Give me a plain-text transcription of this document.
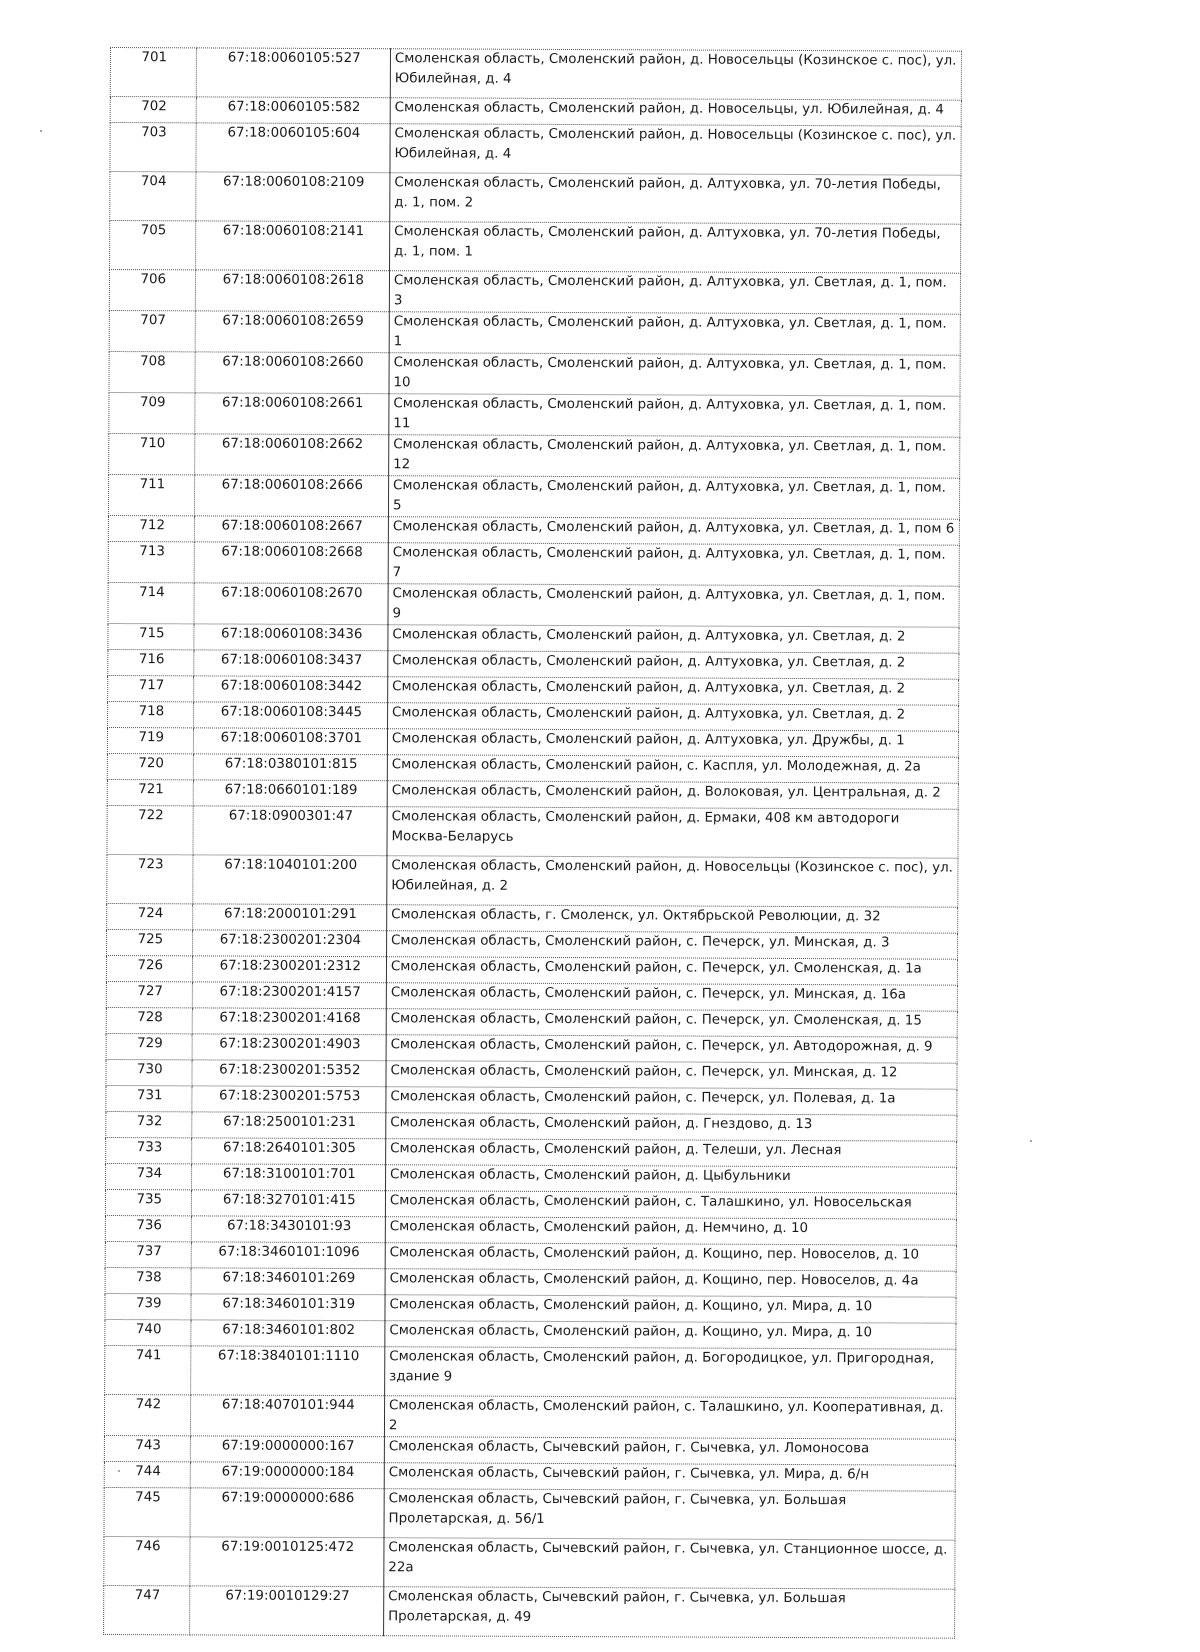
701	67:18:0060105:527	Смоленская область, Смоленский район, д. Новосельцы (Козинское с. пос), ул. Юбилейная, д. 4
702	67:18:0060105:582	Смоленская область, Смоленский район, д. Новосельцы, ул. Юбилейная, д. 4
703	67:18:0060105:604	Смоленская область, Смоленский район, д. Новосельцы (Козинское с. пос), ул. Юбилейная, д. 4
704	67:18:0060108:2109	Смоленская область, Смоленский район, д. Алтуховка, ул. 70-летия Победы, д. 1, пом. 2
705	67:18:0060108:2141	Смоленская область, Смоленский район, д. Алтуховка, ул. 70-летия Победы, д. 1, пом. 1
706	67:18:0060108:2618	Смоленская область, Смоленский район, д. Алтуховка, ул. Светлая, д. 1, пом. 3
707	67:18:0060108:2659	Смоленская область, Смоленский район, д. Алтуховка, ул. Светлая, д. 1, пом. 1
708	67:18:0060108:2660	Смоленская область, Смоленский район, д. Алтуховка, ул. Светлая, д. 1, пом. 10
709	67:18:0060108:2661	Смоленская область, Смоленский район, д. Алтуховка, ул. Светлая, д. 1, пом. 11
710	67:18:0060108:2662	Смоленская область, Смоленский район, д. Алтуховка, ул. Светлая, д. 1, пом. 12
711	67:18:0060108:2666	Смоленская область, Смоленский район, д. Алтуховка, ул. Светлая, д. 1, пом. 5
712	67:18:0060108:2667	Смоленская область, Смоленский район, д. Алтуховка, ул. Светлая, д. 1, пом 6
713	67:18:0060108:2668	Смоленская область, Смоленский район, д. Алтуховка, ул. Светлая, д. 1, пом. 7
714	67:18:0060108:2670	Смоленская область, Смоленский район, д. Алтуховка, ул. Светлая, д. 1, пом. 9
715	67:18:0060108:3436	Смоленская область, Смоленский район, д. Алтуховка, ул. Светлая, д. 2
716	67:18:0060108:3437	Смоленская область, Смоленский район, д. Алтуховка, ул. Светлая, д. 2
717	67:18:0060108:3442	Смоленская область, Смоленский район, д. Алтуховка, ул. Светлая, д. 2
718	67:18:0060108:3445	Смоленская область, Смоленский район, д. Алтуховка, ул. Светлая, д. 2
719	67:18:0060108:3701	Смоленская область, Смоленский район, д. Алтуховка, ул. Дружбы, д. 1
720	67:18:0380101:815	Смоленская область, Смоленский район, с. Каспля, ул. Молодежная, д. 2а
721	67:18:0660101:189	Смоленская область, Смоленский район, д. Волоковая, ул. Центральная, д. 2
722	67:18:0900301:47	Смоленская область, Смоленский район, д. Ермаки, 408 км автодороги Москва-Беларусь
723	67:18:1040101:200	Смоленская область, Смоленский район, д. Новосельцы (Козинское с. пос), ул. Юбилейная, д. 2
724	67:18:2000101:291	Смоленская область, г. Смоленск, ул. Октябрьской Революции, д. 32
725	67:18:2300201:2304	Смоленская область, Смоленский район, с. Печерск, ул. Минская, д. 3
726	67:18:2300201:2312	Смоленская область, Смоленский район, с. Печерск, ул. Смоленская, д. 1а
727	67:18:2300201:4157	Смоленская область, Смоленский район, с. Печерск, ул. Минская, д. 16а
728	67:18:2300201:4168	Смоленская область, Смоленский район, с. Печерск, ул. Смоленская, д. 15
729	67:18:2300201:4903	Смоленская область, Смоленский район, с. Печерск, ул. Автодорожная, д. 9
730	67:18:2300201:5352	Смоленская область, Смоленский район, с. Печерск, ул. Минская, д. 12
731	67:18:2300201:5753	Смоленская область, Смоленский район, с. Печерск, ул. Полевая, д. 1а
732	67:18:2500101:231	Смоленская область, Смоленский район, д. Гнездово, д. 13
733	67:18:2640101:305	Смоленская область, Смоленский район, д. Телеши, ул. Лесная
734	67:18:3100101:701	Смоленская область, Смоленский район, д. Цыбульники
735	67:18:3270101:415	Смоленская область, Смоленский район, с. Талашкино, ул. Новосельская
736	67:18:3430101:93	Смоленская область, Смоленский район, д. Немчино, д. 10
737	67:18:3460101:1096	Смоленская область, Смоленский район, д. Кощино, пер. Новоселов, д. 10
738	67:18:3460101:269	Смоленская область, Смоленский район, д. Кощино, пер. Новоселов, д. 4а
739	67:18:3460101:319	Смоленская область, Смоленский район, д. Кощино, ул. Мира, д. 10
740	67:18:3460101:802	Смоленская область, Смоленский район, д. Кощино, ул. Мира, д. 10
741	67:18:3840101:1110	Смоленская область, Смоленский район, д. Богородицкое, ул. Пригородная, здание 9
742	67:18:4070101:944	Смоленская область, Смоленский район, с. Талашкино, ул. Кооперативная, д. 2
743	67:19:0000000:167	Смоленская область, Сычевский район, г. Сычевка, ул. Ломоносова
744	67:19:0000000:184	Смоленская область, Сычевский район, г. Сычевка, ул. Мира, д. 6/н
745	67:19:0000000:686	Смоленская область, Сычевский район, г. Сычевка, ул. Большая Пролетарская, д. 56/1
746	67:19:0010125:472	Смоленская область, Сычевский район, г. Сычевка, ул. Станционное шоссе, д. 22а
747	67:19:0010129:27	Смоленская область, Сычевский район, г. Сычевка, ул. Большая Пролетарская, д. 49
